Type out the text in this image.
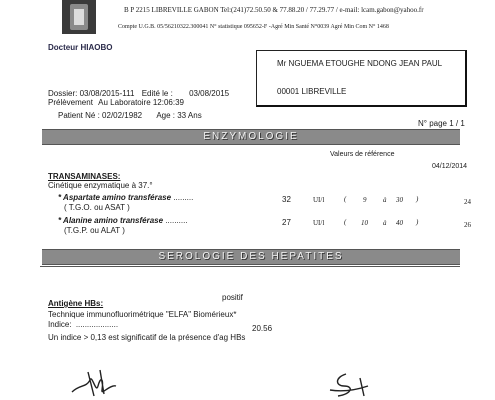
B P 2215 LIBREVILLE GABON Tel:(241)72.50.50 & 77.88.20 / 77.29.77 / e-mail: lcam.gabon@yahoo.fr
Compte U.G.B. 05/56210322.300041 N° statistique 095652-F -Agré Min Santé N°0039 Agré Min Com N° 1468
Docteur HIAOBO
Mr NGUEMA ETOUGHE NDONG JEAN PAUL
00001 LIBREVILLE
Dossier: 03/08/2015-111 Edité le : 03/08/2015
Prélèvement Au Laboratoire 12:06:39
Patient Né : 02/02/1982 Age : 33 Ans
N° page 1 / 1
ENZYMOLOGIE
Valeurs de référence
04/12/2014
TRANSAMINASES:
Cinétique enzymatique à 37.°
* Aspartate amino transférase .........
( T.G.O. ou ASAT )
32	UI/l	( 9 à 30 )	24
* Alanine amino transférase ..........
(T.G.P. ou ALAT )
27	UI/l	( 10 à 40 )	26
SEROLOGIE DES HEPATITES
Antigène HBs:
positif
Technique immunofluorimétrique "ELFA" Biomérieux*
Indice: ...................	20.56
Un indice > 0,13 est significatif de la présence d'ag HBs
